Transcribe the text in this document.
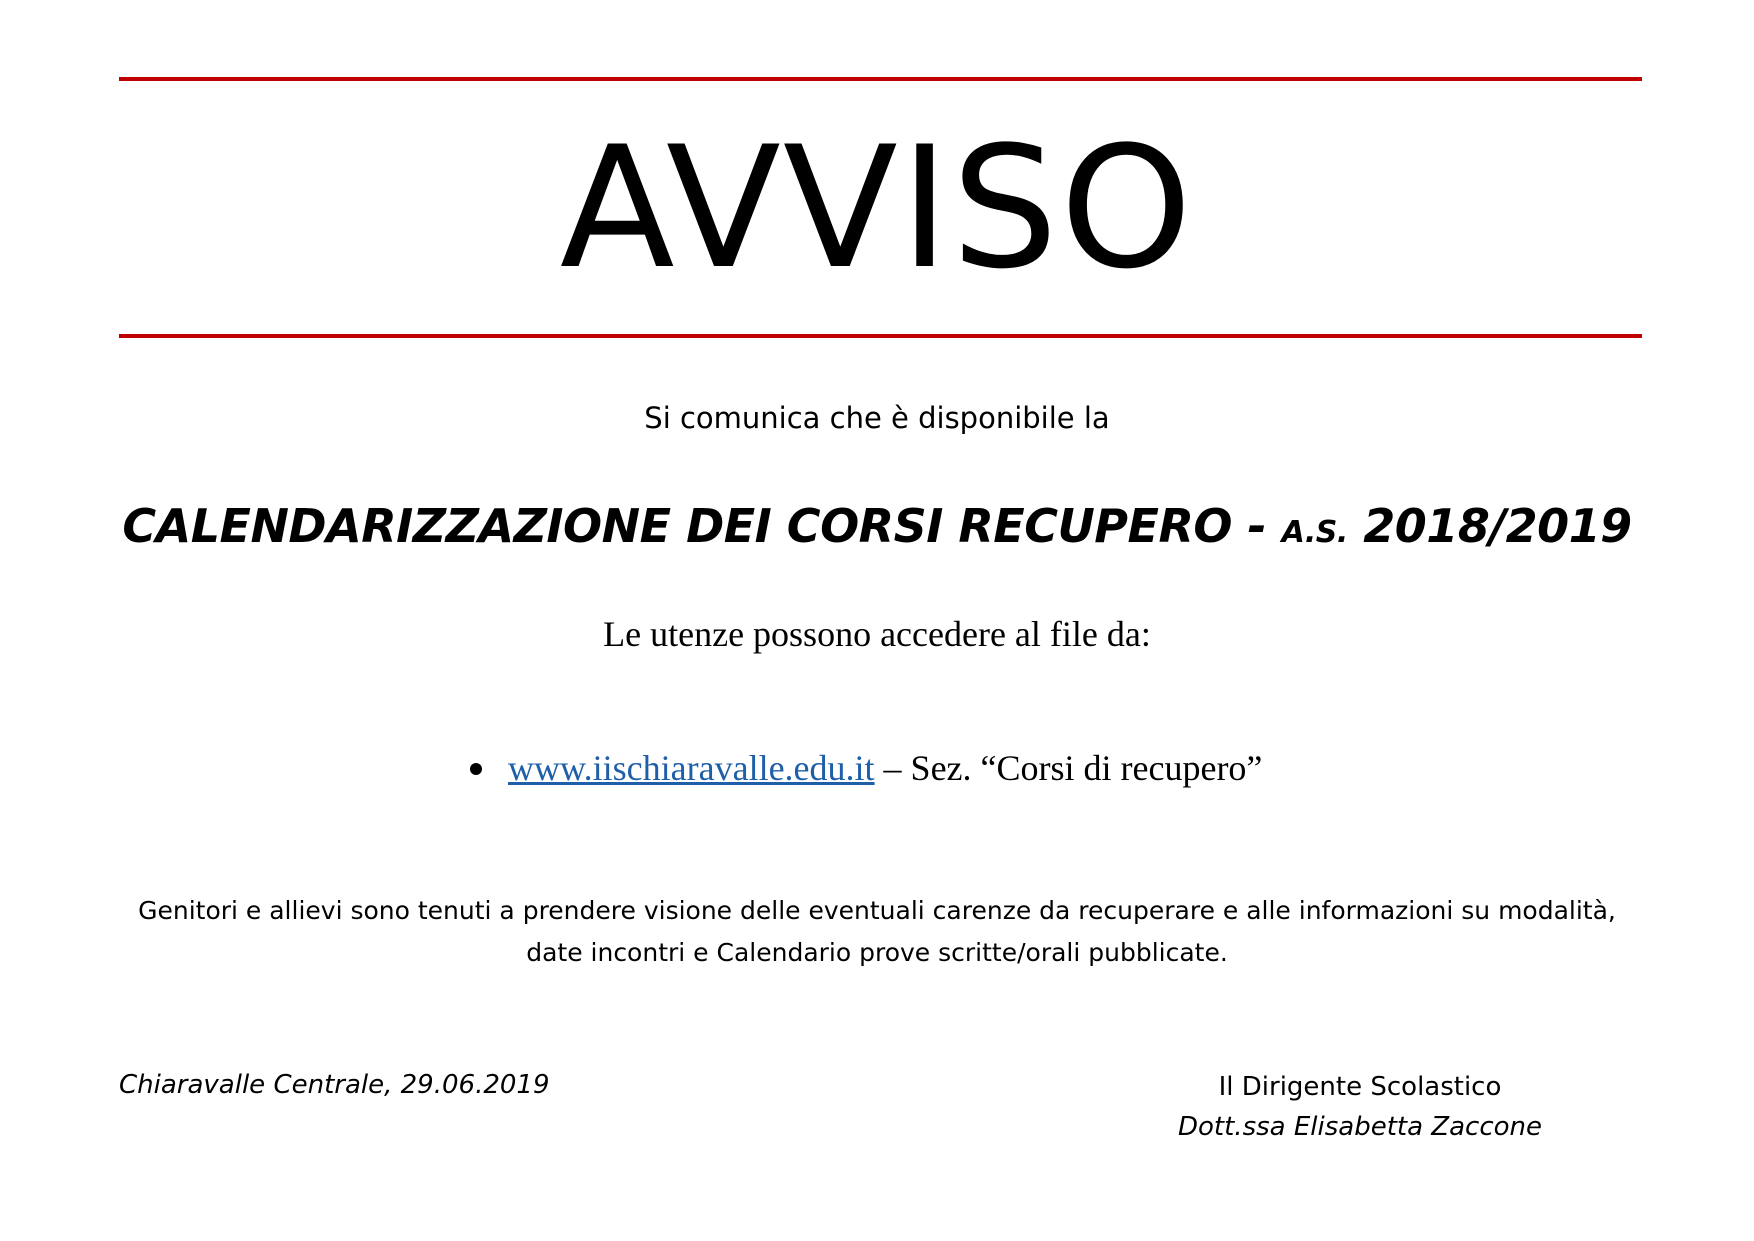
AVVISO
Si comunica che è disponibile la
CALENDARIZZAZIONE DEI CORSI RECUPERO - A.S. 2018/2019
Le utenze possono accedere al file da:
www.iischiaravalle.edu.it – Sez. “Corsi di recupero”
Genitori e allievi sono tenuti a prendere visione delle eventuali carenze da recuperare e alle informazioni su modalità,
date incontri e Calendario prove scritte/orali pubblicate.
Chiaravalle Centrale, 29.06.2019	Il Dirigente Scolastico
Dott.ssa Elisabetta Zaccone
